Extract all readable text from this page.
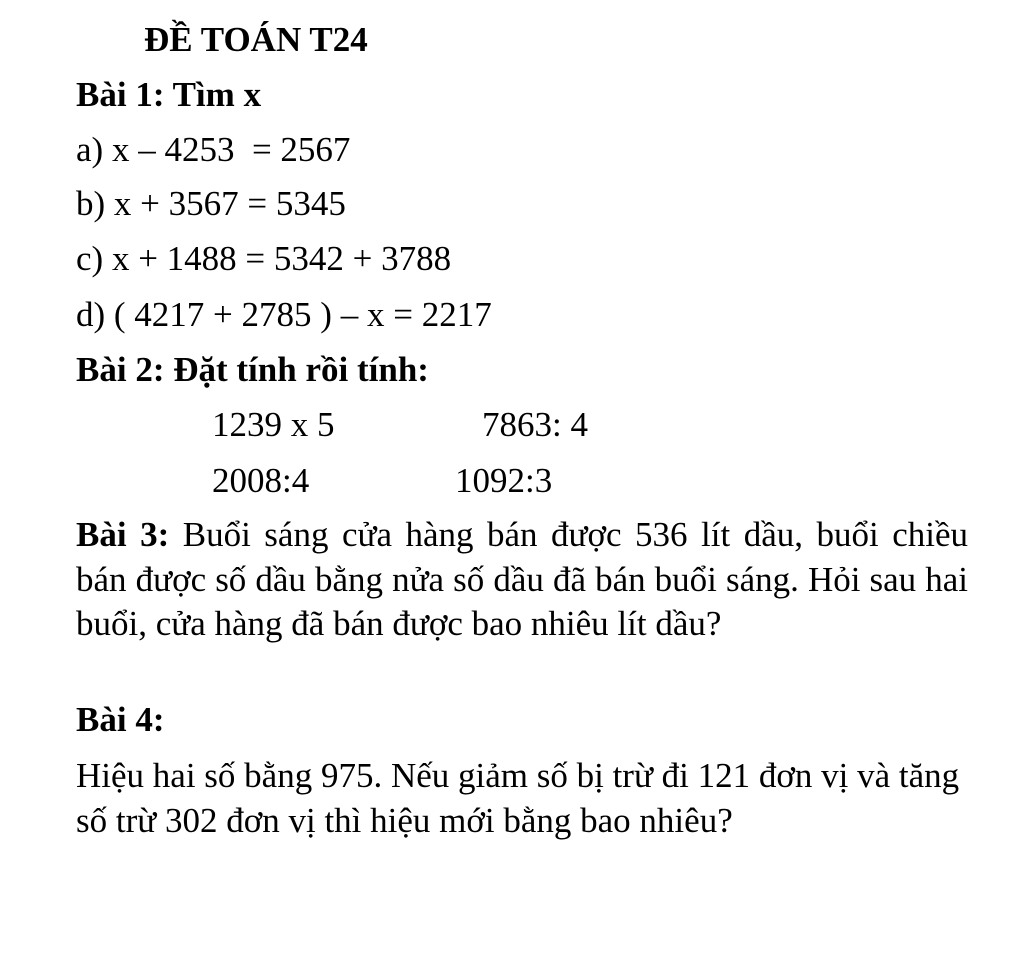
ĐỀ TOÁN T24
Bài 1: Tìm x
a) x – 4253  = 2567
b) x + 3567 = 5345
c) x + 1488 = 5342 + 3788
d) ( 4217 + 2785 ) – x = 2217
Bài 2: Đặt tính rồi tính:
1239 x 5	7863: 4
2008:4	1092:3
Bài 3: Buổi sáng cửa hàng bán được 536 lít dầu, buổi chiều bán được số dầu bằng nửa số dầu đã bán buổi sáng. Hỏi sau hai buổi, cửa hàng đã bán được bao nhiêu lít dầu?
Bài 4:
Hiệu hai số bằng 975. Nếu giảm số bị trừ đi 121 đơn vị và tăng số trừ 302 đơn vị thì hiệu mới bằng bao nhiêu?
